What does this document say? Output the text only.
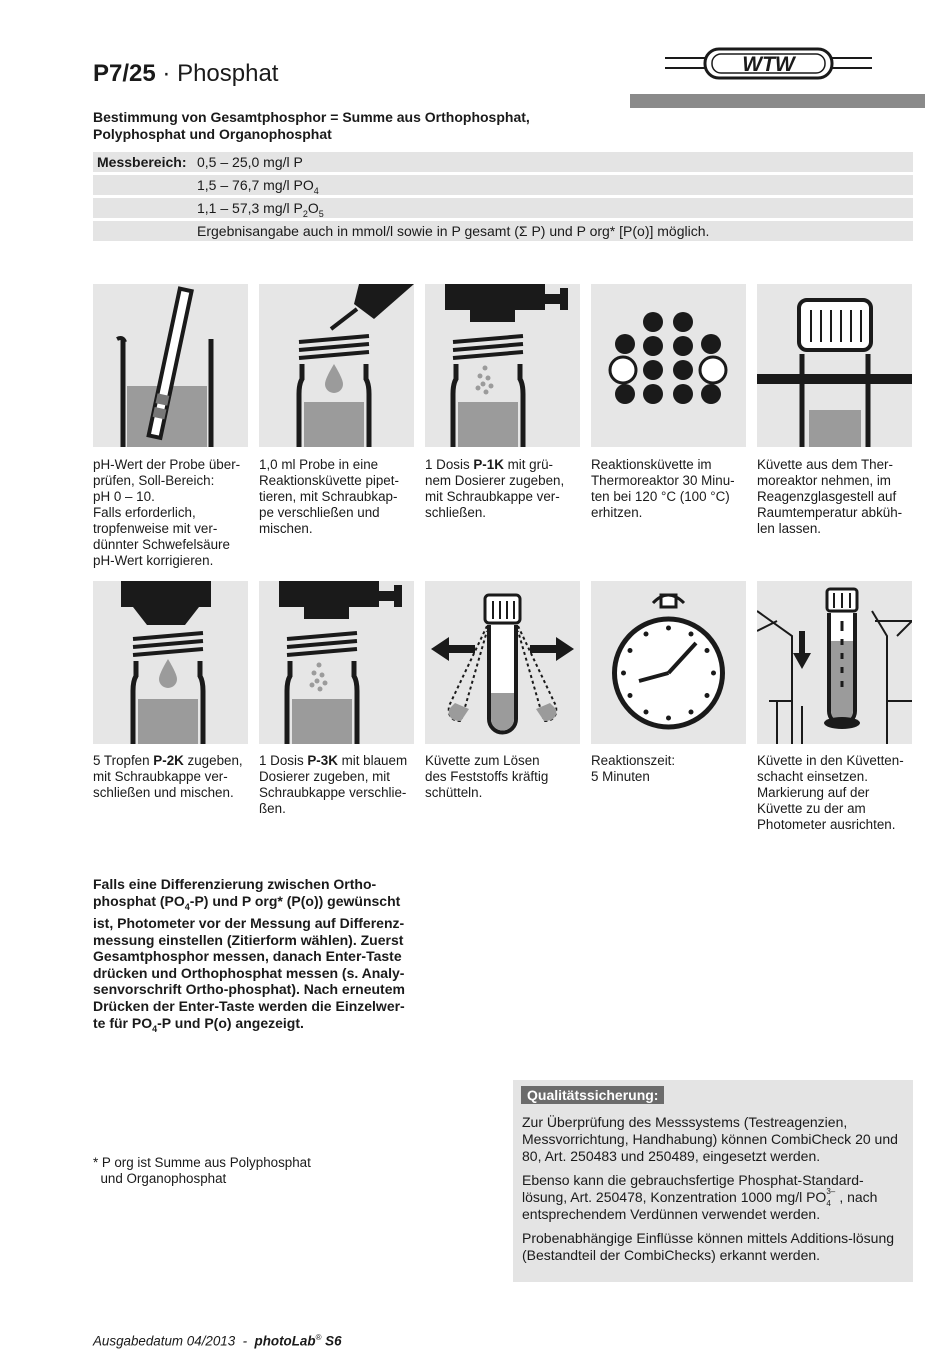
P7/25 · Phosphat	WTW
Bestimmung von Gesamtphosphor = Summe aus Orthophosphat,
Polyphosphat und Organophosphat
Messbereich: 0,5 – 25,0 mg/l P
1,5 – 76,7 mg/l $PO_4$
1,1 – 57,3 mg/l $P_2O_5$
Ergebnisangabe auch in mmol/l sowie in P gesamt (Σ P) und P org* [P(o)] möglich.
pH-Wert der Probe über-
prüfen, Soll-Bereich:
pH 0 – 10.
Falls erforderlich,
tropfenweise mit ver-
dünnter Schwefelsäure
pH-Wert korrigieren.
1,0 ml Probe in eine
Reaktionsküvette pipet-
tieren, mit Schraubkap-
pe verschließen und
mischen.
1 Dosis P-1K mit grü-
nem Dosierer zugeben,
mit Schraubkappe ver-
schließen.
Reaktionsküvette im
Thermoreaktor 30 Minu-
ten bei 120 °C (100 °C)
erhitzen.
Küvette aus dem Ther-
moreaktor nehmen, im
Reagenzglasgestell auf
Raumtemperatur abküh-
len lassen.
5 Tropfen P-2K zugeben,
mit Schraubkappe ver-
schließen und mischen.
1 Dosis P-3K mit blauem
Dosierer zugeben, mit
Schraubkappe verschlie-
ßen.
Küvette zum Lösen
des Feststoffs kräftig
schütteln.
Reaktionszeit:
5 Minuten
Küvette in den Küvetten-
schacht einsetzen.
Markierung auf der
Küvette zu der am
Photometer ausrichten.
Falls eine Differenzierung zwischen Ortho-
phosphat $(PO_4-P)$ und P org* (P(o)) gewünscht
ist, Photometer vor der Messung auf Differenz-
messung einstellen (Zitierform wählen). Zuerst
Gesamtphosphor messen, danach Enter-Taste
drücken und Orthophosphat messen (s. Analy-
senvorschrift Ortho-phosphat). Nach erneutem
Drücken der Enter-Taste werden die Einzelwer-
te für $PO_4-P$ und P(o) angezeigt.
* P org ist Summe aus Polyphosphat
und Organophosphat
Qualitätssicherung:
Zur Überprüfung des Messsystems (Testreagenzien, Messvorrichtung, Handhabung) können CombiCheck 20 und 80, Art. 250483 und 250489, eingesetzt werden.
Ebenso kann die gebrauchsfertige Phosphat-Standard-lösung, Art. 250478, Konzentration 1000 mg/l PO 3–
4 , nach entsprechendem Verdünnen verwendet werden.
Probenabhängige Einflüsse können mittels Additions-lösung (Bestandteil der CombiChecks) erkannt werden.
Ausgabedatum 04/2013  -  photoLab® S6
